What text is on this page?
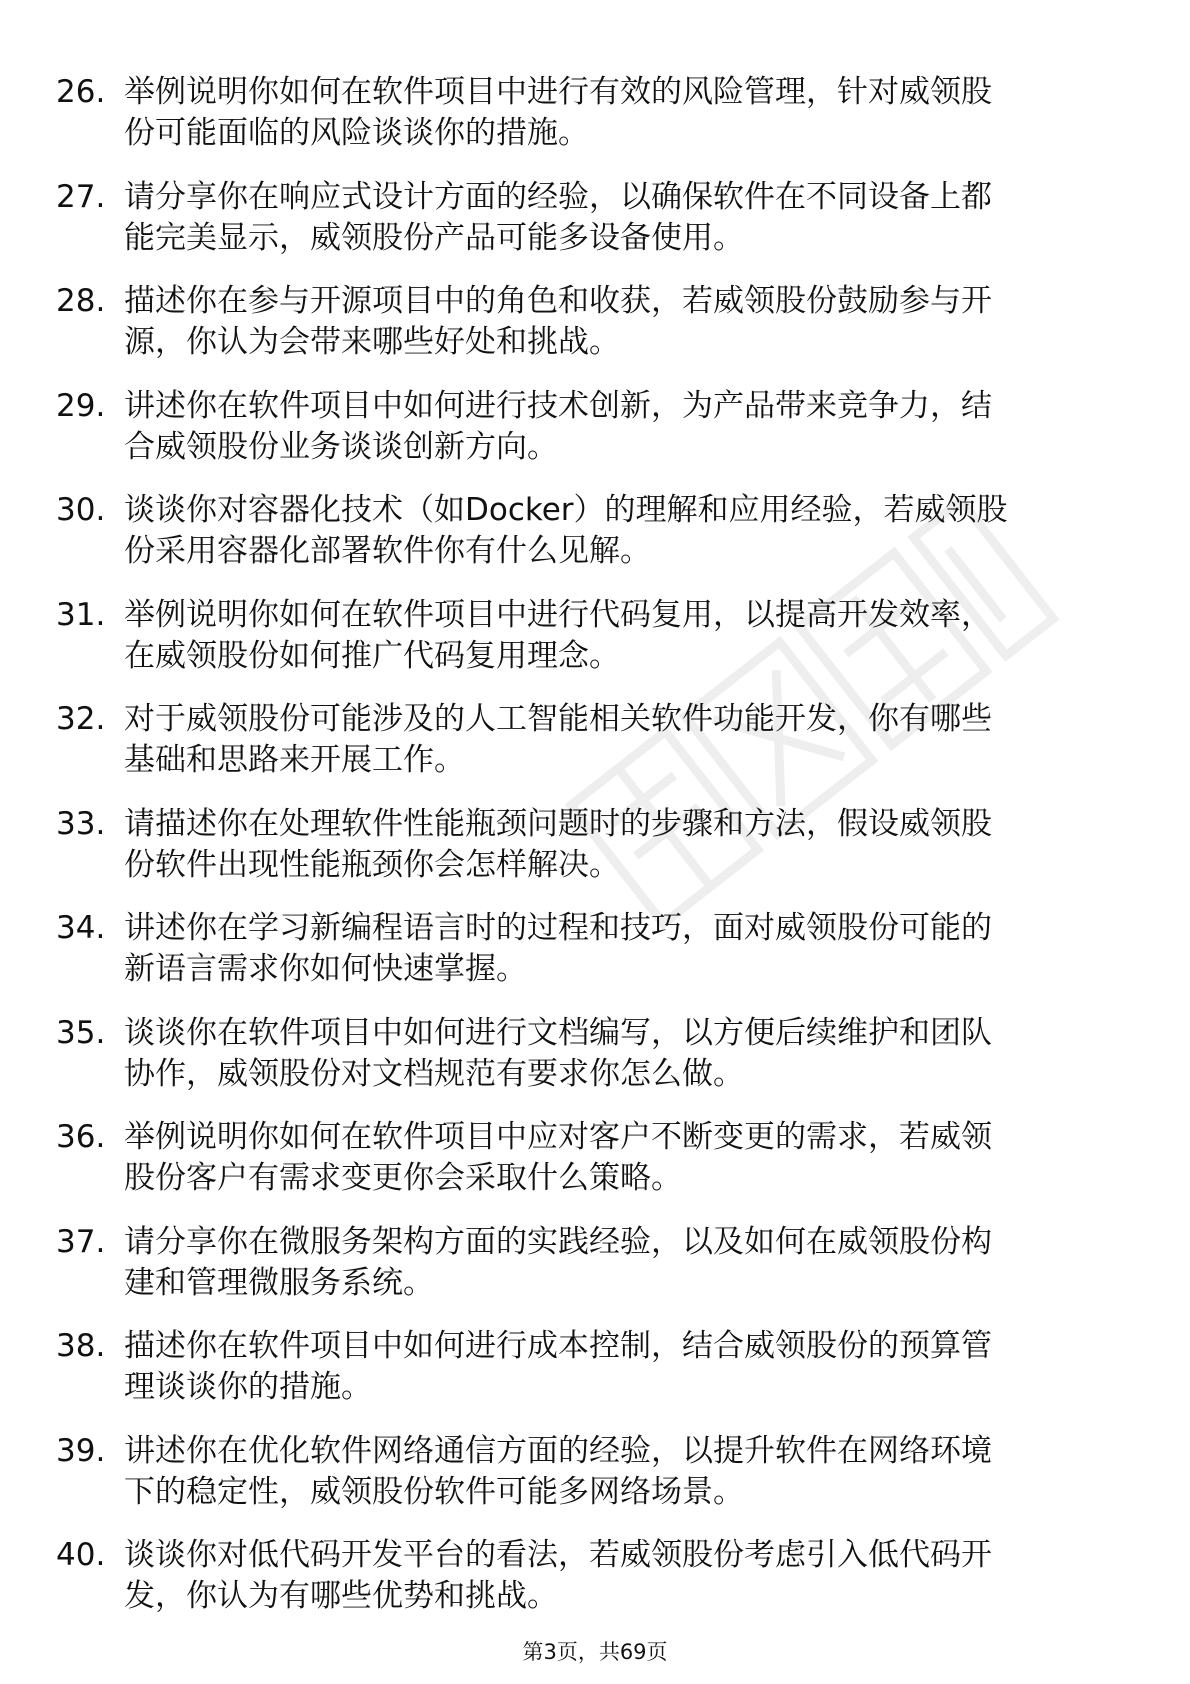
26. 举例说明你如何在软件项目中进行有效的风险管理，针对威领股
份可能面临的风险谈谈你的措施。
27. 请分享你在响应式设计方面的经验，以确保软件在不同设备上都
能完美显示，威领股份产品可能多设备使用。
28. 描述你在参与开源项目中的角色和收获，若威领股份鼓励参与开
源，你认为会带来哪些好处和挑战。
29. 讲述你在软件项目中如何进行技术创新，为产品带来竞争力，结
合威领股份业务谈谈创新方向。
30. 谈谈你对容器化技术（如Docker）的理解和应用经验，若威领股
份采用容器化部署软件你有什么见解。
31. 举例说明你如何在软件项目中进行代码复用，以提高开发效率，
在威领股份如何推广代码复用理念。
32. 对于威领股份可能涉及的人工智能相关软件功能开发，你有哪些
基础和思路来开展工作。
33. 请描述你在处理软件性能瓶颈问题时的步骤和方法，假设威领股
份软件出现性能瓶颈你会怎样解决。
34. 讲述你在学习新编程语言时的过程和技巧，面对威领股份可能的
新语言需求你如何快速掌握。
35. 谈谈你在软件项目中如何进行文档编写，以方便后续维护和团队
协作，威领股份对文档规范有要求你怎么做。
36. 举例说明你如何在软件项目中应对客户不断变更的需求，若威领
股份客户有需求变更你会采取什么策略。
37. 请分享你在微服务架构方面的实践经验，以及如何在威领股份构
建和管理微服务系统。
38. 描述你在软件项目中如何进行成本控制，结合威领股份的预算管
理谈谈你的措施。
39. 讲述你在优化软件网络通信方面的经验，以提升软件在网络环境
下的稳定性，威领股份软件可能多网络场景。
40. 谈谈你对低代码开发平台的看法，若威领股份考虑引入低代码开
发，你认为有哪些优势和挑战。
第3页，共69页
